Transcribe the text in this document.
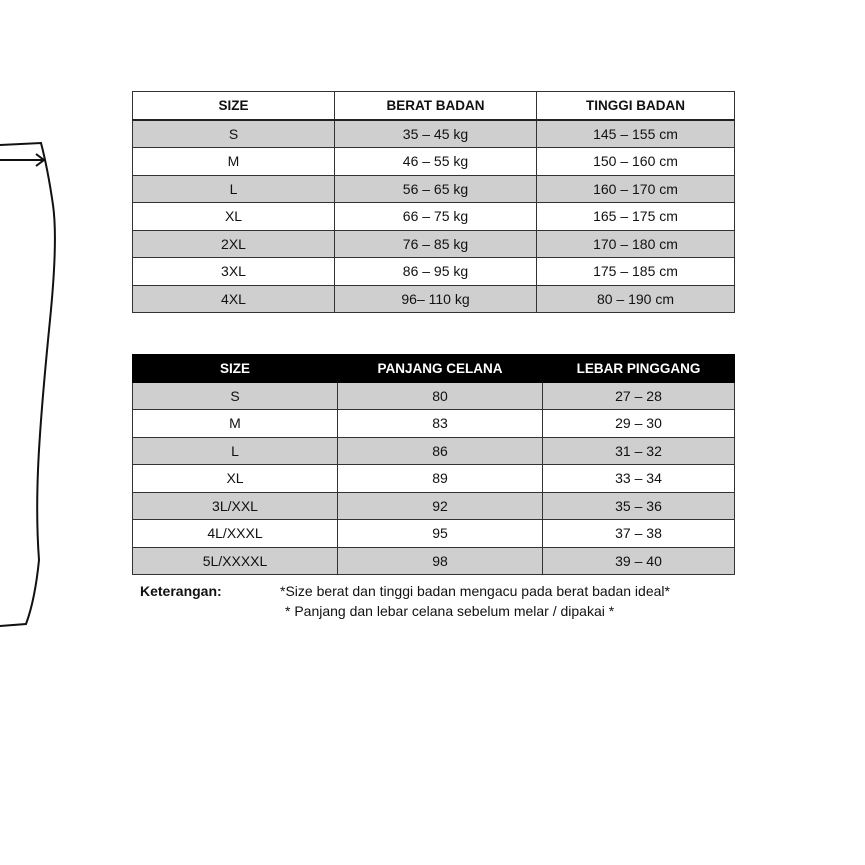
SIZE	BERAT BADAN	TINGGI BADAN
S	35 – 45 kg	145 – 155 cm
M	46 – 55 kg	150 – 160 cm
L	56 – 65 kg	160 – 170 cm
XL	66 – 75 kg	165 – 175 cm
2XL	76 – 85 kg	170 – 180 cm
3XL	86 – 95 kg	175 – 185 cm
4XL	96– 110 kg	80 – 190 cm
SIZE	PANJANG CELANA	LEBAR PINGGANG
S	80	27 – 28
M	83	29 – 30
L	86	31 – 32
XL	89	33 – 34
3L/XXL	92	35 – 36
4L/XXXL	95	37 – 38
5L/XXXXL	98	39 – 40
Keterangan:	*Size berat dan tinggi badan mengacu pada berat badan ideal*
* Panjang dan lebar celana sebelum melar / dipakai *
